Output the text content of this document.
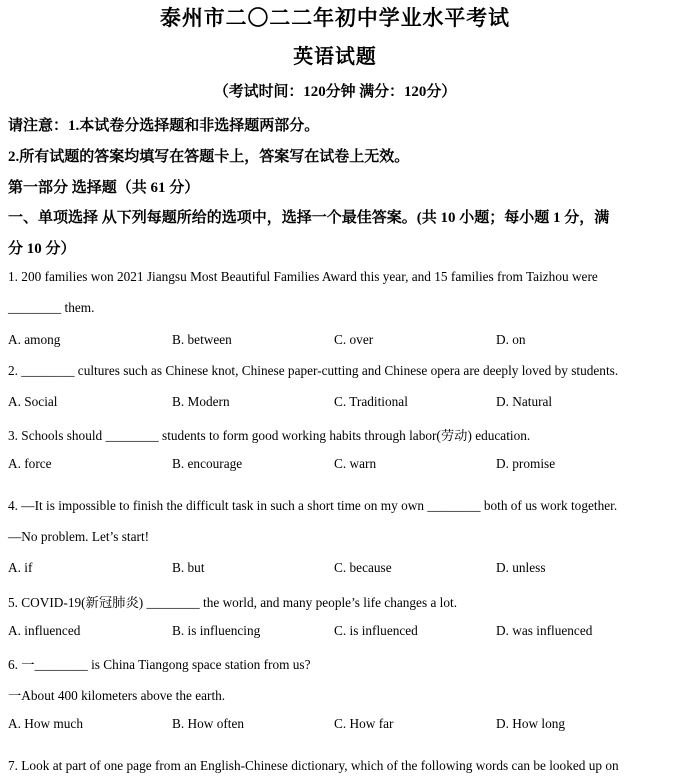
泰州市二〇二二年初中学业水平考试
英语试题
（考试时间：120分钟 满分：120分）
请注意：1.本试卷分选择题和非选择题两部分。
2.所有试题的答案均填写在答题卡上，答案写在试卷上无效。
第一部分 选择题（共 61 分）
一、单项选择 从下列每题所给的选项中，选择一个最佳答案。(共 10 小题；每小题 1 分，满
分 10 分）
1. 200 families won 2021 Jiangsu Most Beautiful Families Award this year, and 15 families from Taizhou were
________ them.
A. among	B. between	C. over	D. on
2. ________ cultures such as Chinese knot, Chinese paper-cutting and Chinese opera are deeply loved by students.
A. Social	B. Modern	C. Traditional	D. Natural
3. Schools should ________ students to form good working habits through labor(劳动) education.
A. force	B. encourage	C. warn	D. promise
4. —It is impossible to finish the difficult task in such a short time on my own ________ both of us work together.
—No problem. Let’s start!
A. if	B. but	C. because	D. unless
5. COVID-19(新冠肺炎) ________ the world, and many people’s life changes a lot.
A. influenced	B. is influencing	C. is influenced	D. was influenced
6. 一________ is China Tiangong space station from us?
一About 400 kilometers above the earth.
A. How much	B. How often	C. How far	D. How long
7. Look at part of one page from an English-Chinese dictionary, which of the following words can be looked up on
